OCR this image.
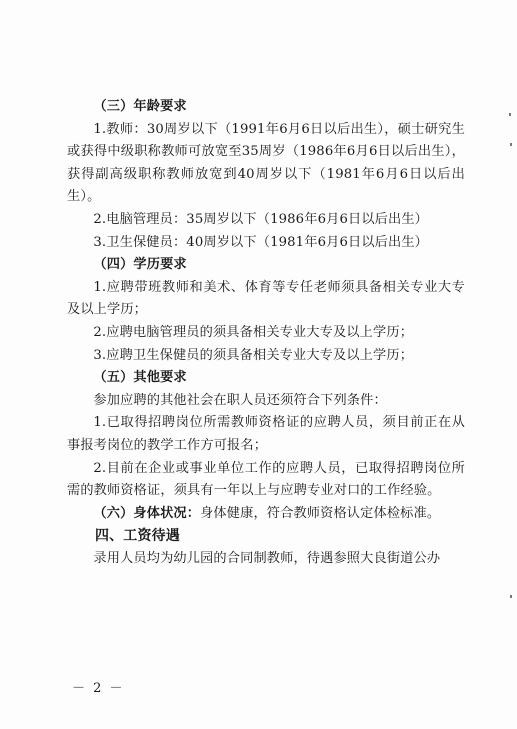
（三）年龄要求

1.教师：30周岁以下（1991年6月6日以后出生），硕士研究生或获得中级职称教师可放宽至35周岁（1986年6月6日以后出生），获得副高级职称教师放宽到40周岁以下（1981年6月6日以后出生）。

2.电脑管理员：35周岁以下（1986年6月6日以后出生）

3.卫生保健员：40周岁以下（1981年6月6日以后出生）

（四）学历要求

1.应聘带班教师和美术、体育等专任老师须具备相关专业大专及以上学历；

2.应聘电脑管理员的须具备相关专业大专及以上学历；

3.应聘卫生保健员的须具备相关专业大专及以上学历；

（五）其他要求

参加应聘的其他社会在职人员还须符合下列条件：

1.已取得招聘岗位所需教师资格证的应聘人员，须目前正在从事报考岗位的教学工作方可报名；

2.目前在企业或事业单位工作的应聘人员，已取得招聘岗位所需的教师资格证，须具有一年以上与应聘专业对口的工作经验。

（六）身体状况：身体健康，符合教师资格认定体检标准。

四、工资待遇

录用人员均为幼儿园的合同制教师，待遇参照大良街道公办

－ 2 －
